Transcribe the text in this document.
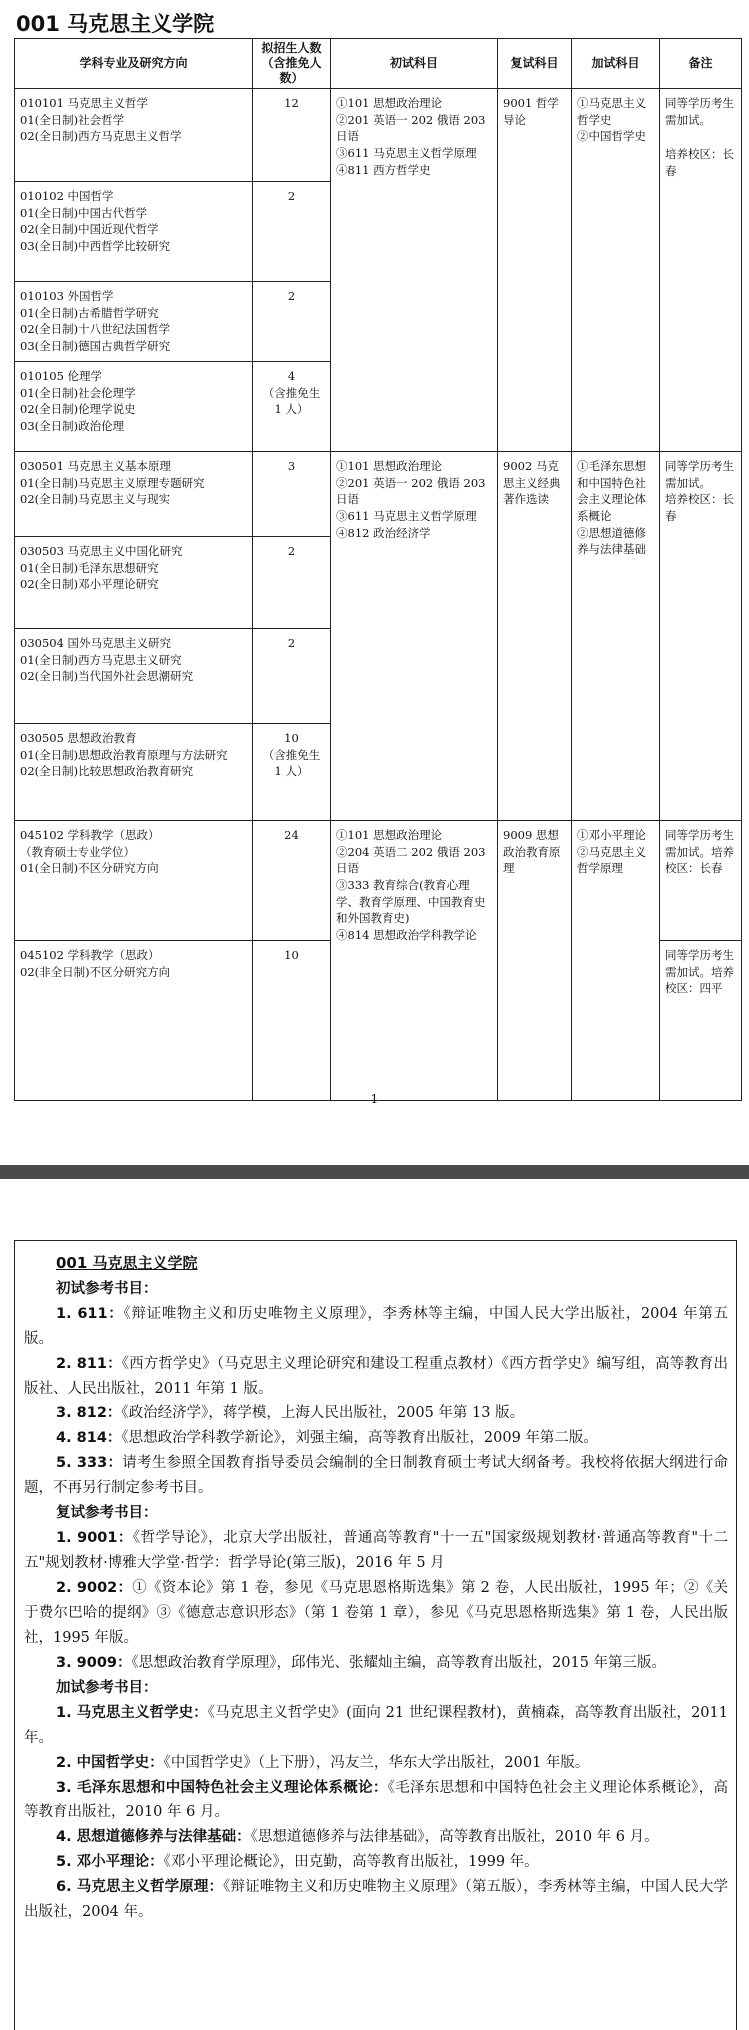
001 马克思主义学院
学科专业及研究方向	拟招生人数（含推免人数）	初试科目	复试科目	加试科目	备注

010101 马克思主义哲学
01(全日制)社会哲学
02(全日制)西方马克思主义哲学	12	①101 思想政治理论
②201 英语一 202 俄语 203 日语
③611 马克思主义哲学原理
④811 西方哲学史	9001 哲学导论	①马克思主义哲学史
②中国哲学史	同等学历考生需加试。
培养校区：长春

010102 中国哲学
01(全日制)中国古代哲学
02(全日制)中国近现代哲学
03(全日制)中西哲学比较研究	2				

010103 外国哲学
01(全日制)古希腊哲学研究
02(全日制)十八世纪法国哲学
03(全日制)德国古典哲学研究	2				

010105 伦理学
01(全日制)社会伦理学
02(全日制)伦理学说史
03(全日制)政治伦理	4
（含推免生 1 人）				

030501 马克思主义基本原理
01(全日制)马克思主义原理专题研究
02(全日制)马克思主义与现实	3	①101 思想政治理论
②201 英语一 202 俄语 203 日语
③611 马克思主义哲学原理
④812 政治经济学	9002 马克思主义经典著作选读	①毛泽东思想和中国特色社会主义理论体系概论
②思想道德修养与法律基础	同等学历考生需加试。
培养校区：长春

030503 马克思主义中国化研究
01(全日制)毛泽东思想研究
02(全日制)邓小平理论研究	2				

030504 国外马克思主义研究
01(全日制)西方马克思主义研究
02(全日制)当代国外社会思潮研究	2				

030505 思想政治教育
01(全日制)思想政治教育原理与方法研究
02(全日制)比较思想政治教育研究	10
（含推免生 1 人）				

045102 学科教学（思政）
（教育硕士专业学位）
01(全日制)不区分研究方向	24	①101 思想政治理论
②204 英语二 202 俄语 203 日语
③333 教育综合(教育心理学、教育学原理、中国教育史和外国教育史)
④814 思想政治学科教学论	9009 思想政治教育原理	①邓小平理论
②马克思主义哲学原理	同等学历考生需加试。培养校区：长春

045102 学科教学（思政）
02(非全日制)不区分研究方向	10				同等学历考生需加试。培养校区：四平
1
001 马克思主义学院
初试参考书目：
1. 611：《辩证唯物主义和历史唯物主义原理》，李秀林等主编，中国人民大学出版社，2004 年第五版。
2. 811：《西方哲学史》（马克思主义理论研究和建设工程重点教材）《西方哲学史》编写组，高等教育出版社、人民出版社，2011 年第 1 版。
3. 812：《政治经济学》，蒋学模，上海人民出版社，2005 年第 13 版。
4. 814：《思想政治学科教学新论》，刘强主编，高等教育出版社，2009 年第二版。
5. 333：请考生参照全国教育指导委员会编制的全日制教育硕士考试大纲备考。我校将依据大纲进行命题，不再另行制定参考书目。
复试参考书目：
1. 9001：《哲学导论》，北京大学出版社，普通高等教育"十一五"国家级规划教材·普通高等教育"十二五"规划教材·博雅大学堂·哲学：哲学导论(第三版)，2016 年 5 月
2. 9002：①《资本论》第 1 卷，参见《马克思恩格斯选集》第 2 卷，人民出版社，1995 年；②《关于费尔巴哈的提纲》③《德意志意识形态》（第 1 卷第 1 章），参见《马克思恩格斯选集》第 1 卷，人民出版社，1995 年版。
3. 9009：《思想政治教育学原理》，邱伟光、张耀灿主编，高等教育出版社，2015 年第三版。
加试参考书目：
1. 马克思主义哲学史：《马克思主义哲学史》(面向 21 世纪课程教材)，黄楠森，高等教育出版社，2011 年。
2. 中国哲学史：《中国哲学史》（上下册），冯友兰，华东大学出版社，2001 年版。
3. 毛泽东思想和中国特色社会主义理论体系概论：《毛泽东思想和中国特色社会主义理论体系概论》，高等教育出版社，2010 年 6 月。
4. 思想道德修养与法律基础：《思想道德修养与法律基础》，高等教育出版社，2010 年 6 月。
5. 邓小平理论：《邓小平理论概论》，田克勤，高等教育出版社，1999 年。
6. 马克思主义哲学原理：《辩证唯物主义和历史唯物主义原理》（第五版），李秀林等主编，中国人民大学出版社，2004 年。
